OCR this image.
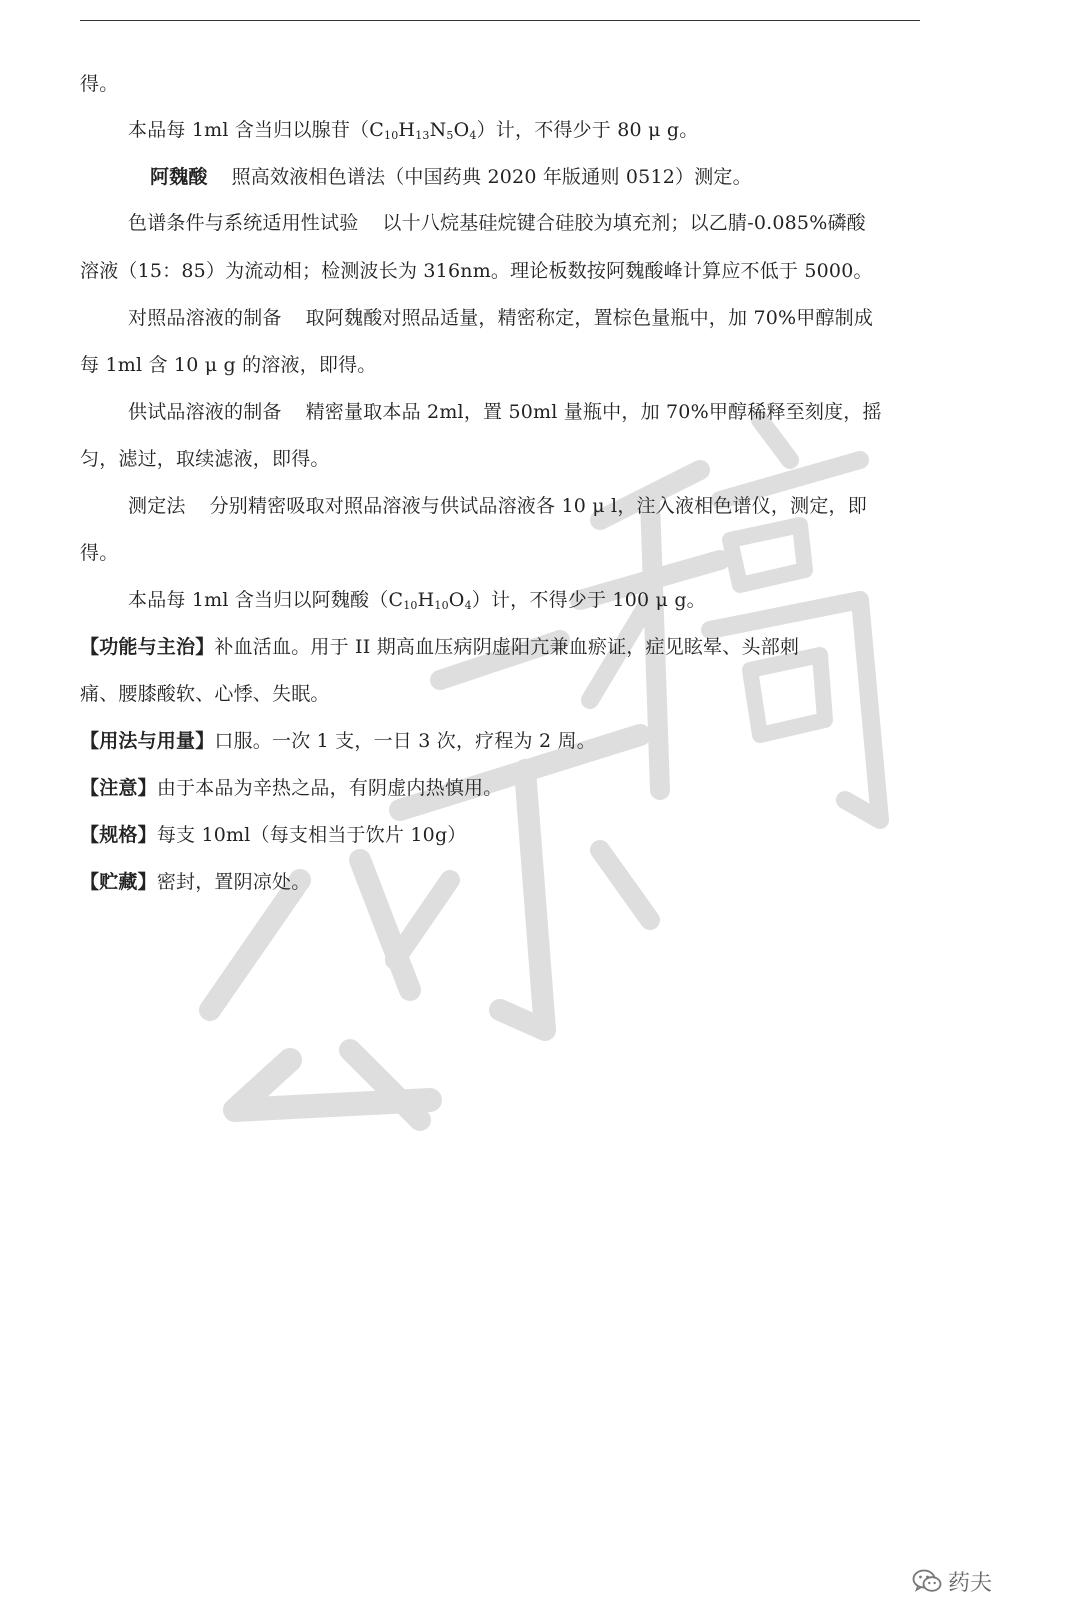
得。
本品每 1ml 含当归以腺苷$(C_{10}H_{13}N_5O_4)$计，不得少于 80 μ g。
阿魏酸 照高效液相色谱法（中国药典 2020 年版通则 0512）测定。
色谱条件与系统适用性试验 以十八烷基硅烷键合硅胶为填充剂；以乙腈-0.085%磷酸
溶液（15：85）为流动相；检测波长为 316nm。理论板数按阿魏酸峰计算应不低于 5000。
对照品溶液的制备 取阿魏酸对照品适量，精密称定，置棕色量瓶中，加 70%甲醇制成
每 1ml 含 10 μ g 的溶液，即得。
供试品溶液的制备 精密量取本品 2ml，置 50ml 量瓶中，加 70%甲醇稀释至刻度，摇
匀，滤过，取续滤液，即得。
测定法 分别精密吸取对照品溶液与供试品溶液各 10 μ l，注入液相色谱仪，测定，即
得。
本品每 1ml 含当归以阿魏酸$(C_{10}H_{10}O_4)$计，不得少于 100 μ g。
【功能与主治】补血活血。用于 II 期高血压病阴虚阳亢兼血瘀证，症见眩晕、头部刺
痛、腰膝酸软、心悸、失眠。
【用法与用量】口服。一次 1 支，一日 3 次，疗程为 2 周。
【注意】由于本品为辛热之品，有阴虚内热慎用。
【规格】每支 10ml（每支相当于饮片 10g）
【贮藏】密封，置阴凉处。
药夫
